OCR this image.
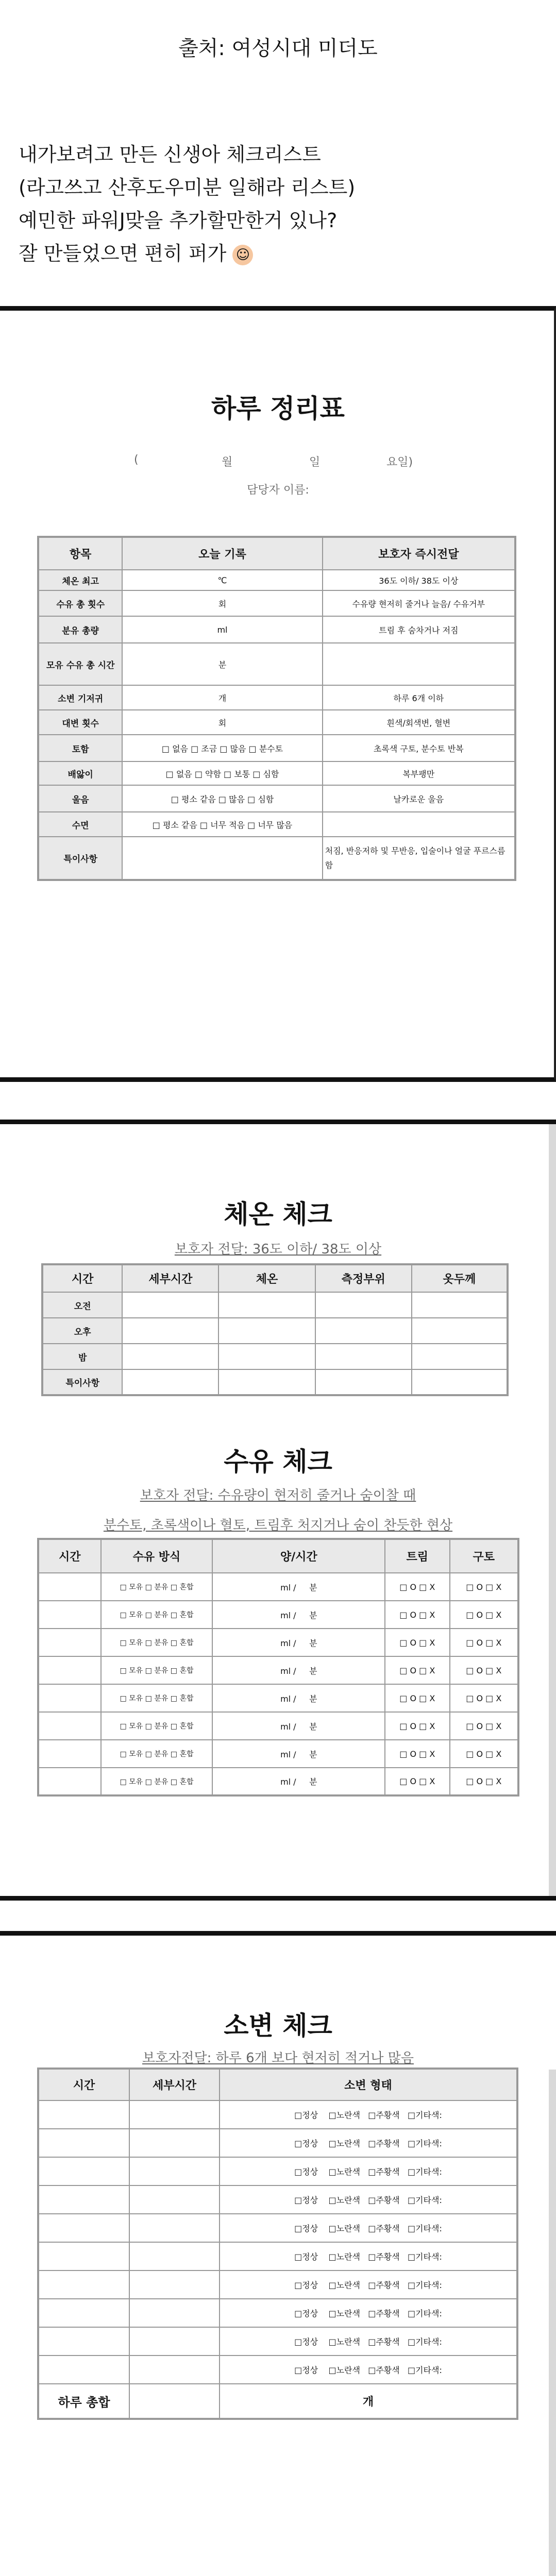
출처: 여성시대 미더도
내가보려고 만든 신생아 체크리스트
(라고쓰고 산후도우미분 일해라 리스트)
예민한 파워J맞을 추가할만한거 있나?
잘 만들었으면 편히 퍼가 ☺
하루 정리표
(	월	일	요일)
담당자 이름:
항목	오늘 기록	보호자 즉시전달
체온 최고	℃	36도 이하/ 38도 이상
수유 총 횟수	회	수유량 현저히 줄거나 늘음/ 수유거부
분유 총량	ml	트림 후 숨차거나 저짐
모유 수유 총 시간	분	
소변 기저귀	개	하루 6개 이하
대변 횟수	회	흰색/회색변, 혈변
토함	□ 없음 □ 조금 □ 많음 □ 분수토	초록색 구토, 분수토 반복
배앓이	□ 없음 □ 약함 □ 보통 □ 심함	복부팽만
울음	□ 평소 같음 □ 많음 □ 심함	날카로운 울음
수면	□ 평소 같음 □ 너무 적음 □ 너무 많음	
특이사항		처짐, 반응저하 및 무반응, 입술이나 얼굴 푸르스름함
체온 체크
보호자 전달: 36도 이하/ 38도 이상
수유 체크
보호자 전달: 수유량이 현저히 줄거나 숨이찰 때
분수토, 초록색이나 혈토, 트림후 처지거나 숨이 찬듯한 현상
시간	세부시간	체온	측정부위	옷두께
오전				
오후				
밤				
특이사항				
시간	수유 방식	양/시간	트림	구토
	□ 모유 □ 분유 □ 혼합	ml /     분	□ O □ X	□ O □ X
	□ 모유 □ 분유 □ 혼합	ml /     분	□ O □ X	□ O □ X
	□ 모유 □ 분유 □ 혼합	ml /     분	□ O □ X	□ O □ X
	□ 모유 □ 분유 □ 혼합	ml /     분	□ O □ X	□ O □ X
	□ 모유 □ 분유 □ 혼합	ml /     분	□ O □ X	□ O □ X
	□ 모유 □ 분유 □ 혼합	ml /     분	□ O □ X	□ O □ X
	□ 모유 □ 분유 □ 혼합	ml /     분	□ O □ X	□ O □ X
	□ 모유 □ 분유 □ 혼합	ml /     분	□ O □ X	□ O □ X
소변 체크
보호자전달: 하루 6개 보다 현저히 적거나 많음
시간	세부시간	소변 형태
		□정상    □노란색   □주황색   □기타색:
		□정상    □노란색   □주황색   □기타색:
		□정상    □노란색   □주황색   □기타색:
		□정상    □노란색   □주황색   □기타색:
		□정상    □노란색   □주황색   □기타색:
		□정상    □노란색   □주황색   □기타색:
		□정상    □노란색   □주황색   □기타색:
		□정상    □노란색   □주황색   □기타색:
		□정상    □노란색   □주황색   □기타색:
		□정상    □노란색   □주황색   □기타색:
하루 총합		개
